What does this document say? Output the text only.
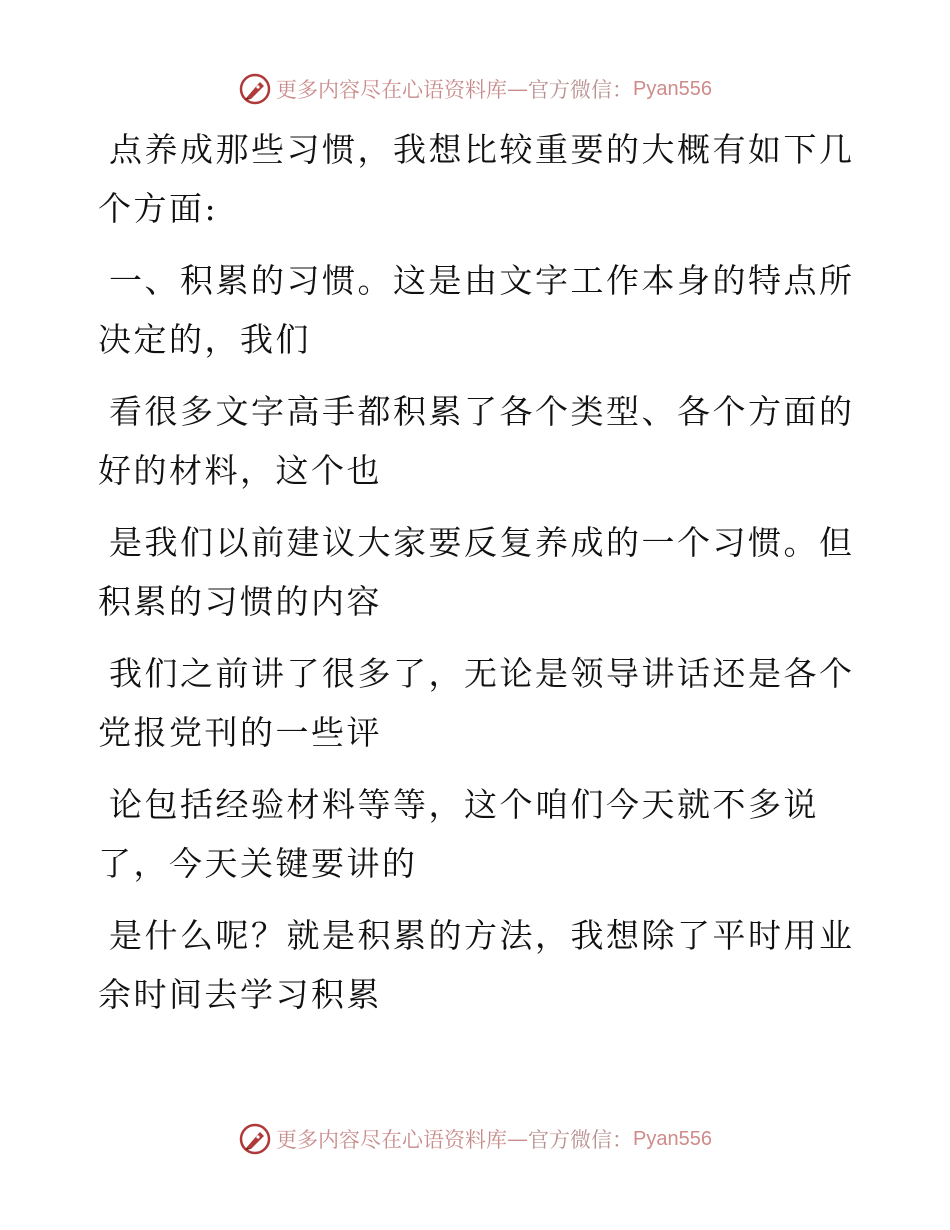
更多内容尽在心语资料库 — 官方微信： Pyan556
点养成那些习惯，我想比较重要的大概有如下几
个方面:
一、积累的习惯。这是由文字工作本身的特点所
决定的，我们
看很多文字高手都积累了各个类型、各个方面的
好的材料，这个也
是我们以前建议大家要反复养成的一个习惯。但
积累的习惯的内容
我们之前讲了很多了，无论是领导讲话还是各个
党报党刊的一些评
论包括经验材料等等，这个咱们今天就不多说
了，今天关键要讲的
是什么呢？就是积累的方法，我想除了平时用业
余时间去学习积累
更多内容尽在心语资料库 — 官方微信： Pyan556
